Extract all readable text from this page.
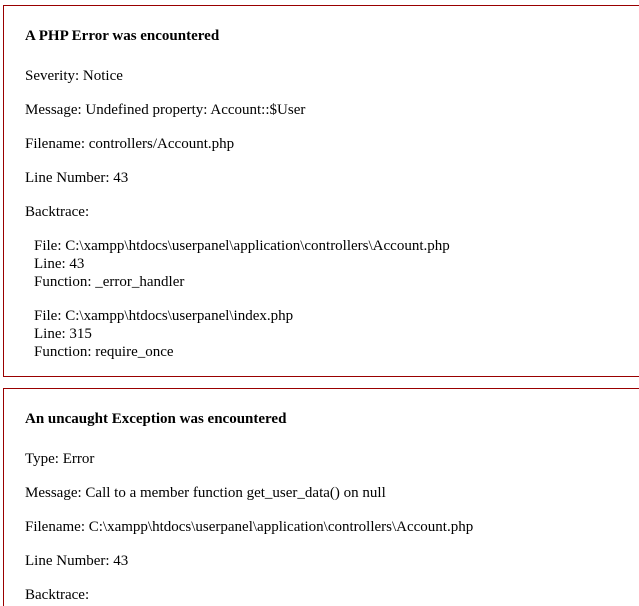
A PHP Error was encountered
Severity: Notice
Message: Undefined property: Account::$User
Filename: controllers/Account.php
Line Number: 43
Backtrace:
File: C:\xampp\htdocs\userpanel\application\controllers\Account.php
Line: 43
Function: _error_handler
File: C:\xampp\htdocs\userpanel\index.php
Line: 315
Function: require_once
An uncaught Exception was encountered
Type: Error
Message: Call to a member function get_user_data() on null
Filename: C:\xampp\htdocs\userpanel\application\controllers\Account.php
Line Number: 43
Backtrace:
